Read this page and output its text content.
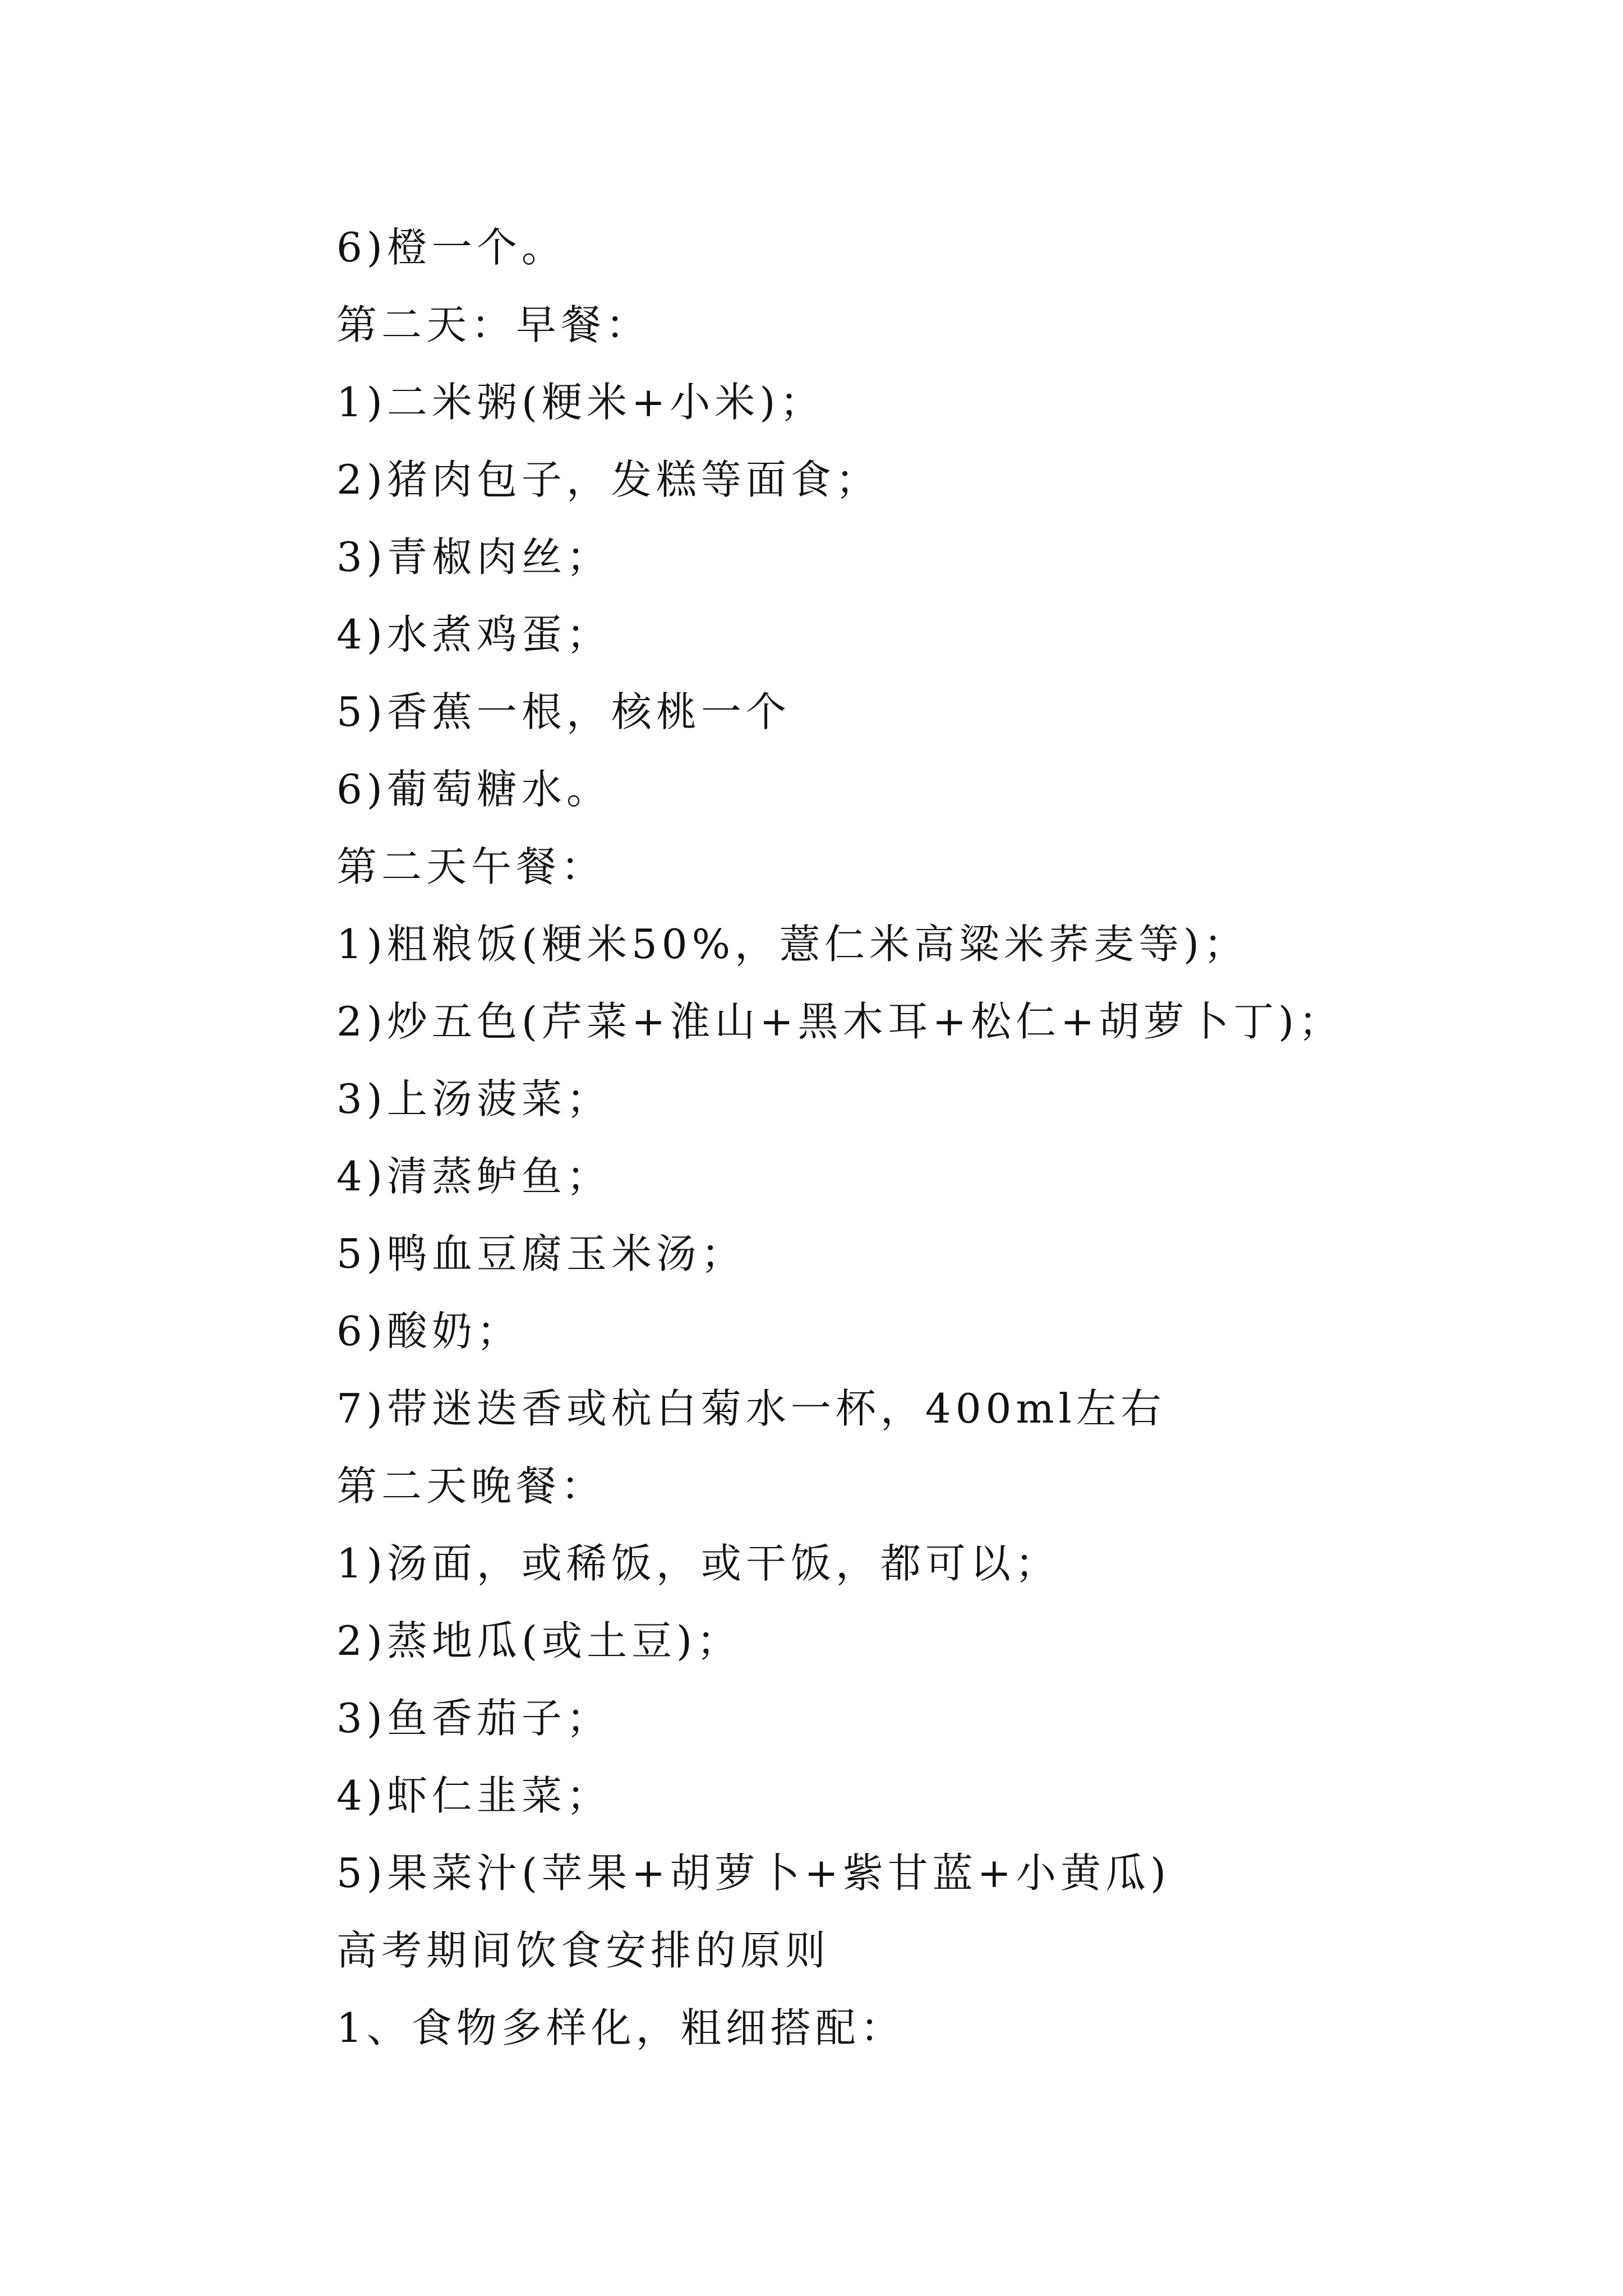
6)橙一个。
第二天：早餐：
1)二米粥(粳米+小米)；
2)猪肉包子，发糕等面食；
3)青椒肉丝；
4)水煮鸡蛋；
5)香蕉一根，核桃一个
6)葡萄糖水。
第二天午餐：
1)粗粮饭(粳米50%，薏仁米高粱米荞麦等)；
2)炒五色(芹菜+淮山+黑木耳+松仁+胡萝卜丁)；
3)上汤菠菜；
4)清蒸鲈鱼；
5)鸭血豆腐玉米汤；
6)酸奶；
7)带迷迭香或杭白菊水一杯，400ml左右
第二天晚餐：
1)汤面，或稀饭，或干饭，都可以；
2)蒸地瓜(或土豆)；
3)鱼香茄子；
4)虾仁韭菜；
5)果菜汁(苹果+胡萝卜+紫甘蓝+小黄瓜)
高考期间饮食安排的原则
1、食物多样化，粗细搭配：
